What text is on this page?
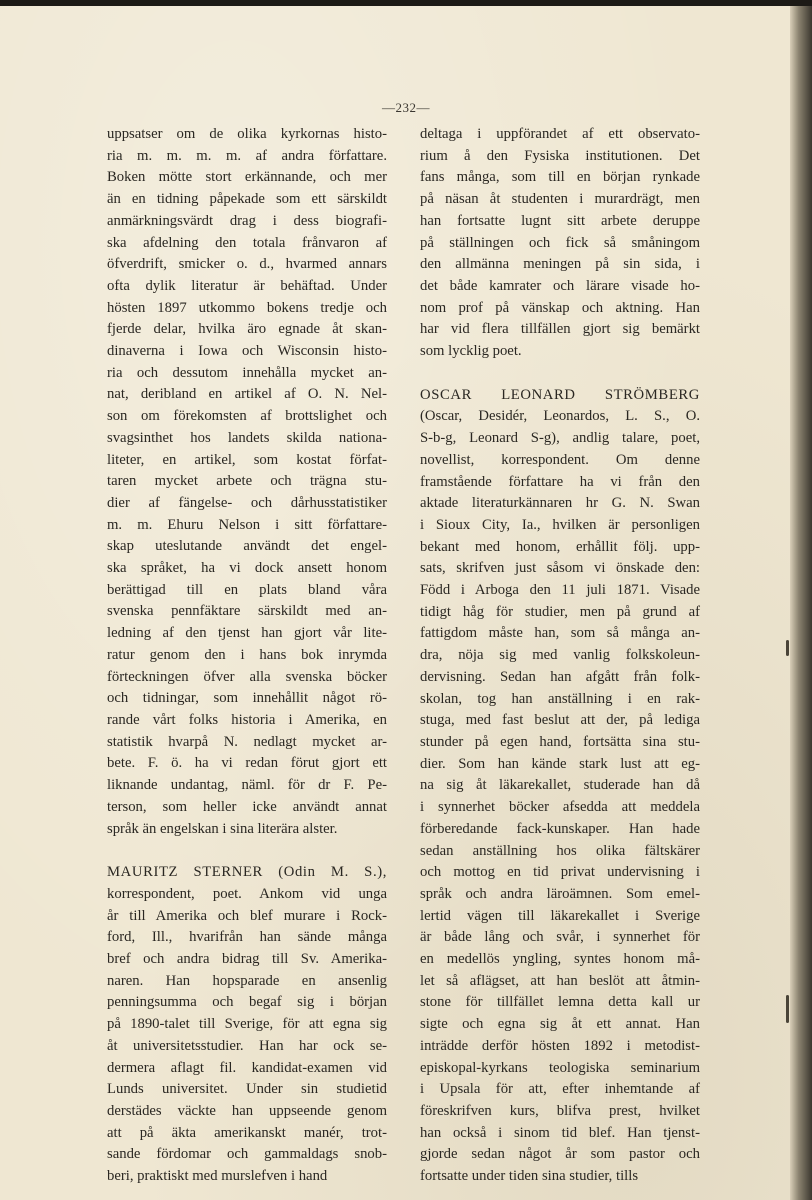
—232—

uppsatser om de olika kyrkornas histo-

ria m. m. m. m. af andra författare.

Boken mötte stort erkännande, och mer

än en tidning påpekade som ett särskildt

anmärkningsvärdt drag i dess biografi-

ska afdelning den totala frånvaron af

öfverdrift, smicker o. d., hvarmed annars

ofta dylik literatur är behäftad. Under

hösten 1897 utkommo bokens tredje och

fjerde delar, hvilka äro egnade åt skan-

dinaverna i Iowa och Wisconsin histo-

ria och dessutom innehålla mycket an-

nat, deribland en artikel af O. N. Nel-

son om förekomsten af brottslighet och

svagsinthet hos landets skilda nationa-

liteter, en artikel, som kostat förfat-

taren mycket arbete och trägna stu-

dier af fängelse- och dårhusstatistiker

m. m. Ehuru Nelson i sitt författare-

skap uteslutande användt det engel-

ska språket, ha vi dock ansett honom

berättigad till en plats bland våra

svenska pennfäktare särskildt med an-

ledning af den tjenst han gjort vår lite-

ratur genom den i hans bok inrymda

förteckningen öfver alla svenska böcker

och tidningar, som innehållit något rö-

rande vårt folks historia i Amerika, en

statistik hvarpå N. nedlagt mycket ar-

bete. F. ö. ha vi redan förut gjort ett

liknande undantag, näml. för dr F. Pe-

terson, som heller icke användt annat

språk än engelskan i sina literära alster.

MAURITZ STERNER (Odin M. S.),

korrespondent, poet. Ankom vid unga

år till Amerika och blef murare i Rock-

ford, Ill., hvarifrån han sände många

bref och andra bidrag till Sv. Amerika-

naren. Han hopsparade en ansenlig

penningsumma och begaf sig i början

på 1890-talet till Sverige, för att egna sig

åt universitetsstudier. Han har ock se-

dermera aflagt fil. kandidat-examen vid

Lunds universitet. Under sin studietid

derstädes väckte han uppseende genom

att på äkta amerikanskt manér, trot-

sande fördomar och gammaldags snob-

beri, praktiskt med murslefven i hand

deltaga i uppförandet af ett observato-

rium å den Fysiska institutionen. Det

fans många, som till en början rynkade

på näsan åt studenten i murardrägt, men

han fortsatte lugnt sitt arbete deruppe

på ställningen och fick så småningom

den allmänna meningen på sin sida, i

det både kamrater och lärare visade ho-

nom prof på vänskap och aktning. Han

har vid flera tillfällen gjort sig bemärkt

som lycklig poet.

OSCAR LEONARD STRÖMBERG

(Oscar, Desidér, Leonardos, L. S., O.

S-b-g, Leonard S-g), andlig talare, poet,

novellist, korrespondent. Om denne

framstående författare ha vi från den

aktade literaturkännaren hr G. N. Swan

i Sioux City, Ia., hvilken är personligen

bekant med honom, erhållit följ. upp-

sats, skrifven just såsom vi önskade den:

Född i Arboga den 11 juli 1871. Visade

tidigt håg för studier, men på grund af

fattigdom måste han, som så många an-

dra, nöja sig med vanlig folkskoleun-

dervisning. Sedan han afgått från folk-

skolan, tog han anställning i en rak-

stuga, med fast beslut att der, på lediga

stunder på egen hand, fortsätta sina stu-

dier. Som han kände stark lust att eg-

na sig åt läkarekallet, studerade han då

i synnerhet böcker afsedda att meddela

förberedande fack-kunskaper. Han hade

sedan anställning hos olika fältskärer

och mottog en tid privat undervisning i

språk och andra läroämnen. Som emel-

lertid vägen till läkarekallet i Sverige

är både lång och svår, i synnerhet för

en medellös yngling, syntes honom må-

let så aflägset, att han beslöt att åtmin-

stone för tillfället lemna detta kall ur

sigte och egna sig åt ett annat. Han

inträdde derför hösten 1892 i metodist-

episkopal-kyrkans teologiska seminarium

i Upsala för att, efter inhemtande af

föreskrifven kurs, blifva prest, hvilket

han också i sinom tid blef. Han tjenst-

gjorde sedan något år som pastor och

fortsatte under tiden sina studier, tills
